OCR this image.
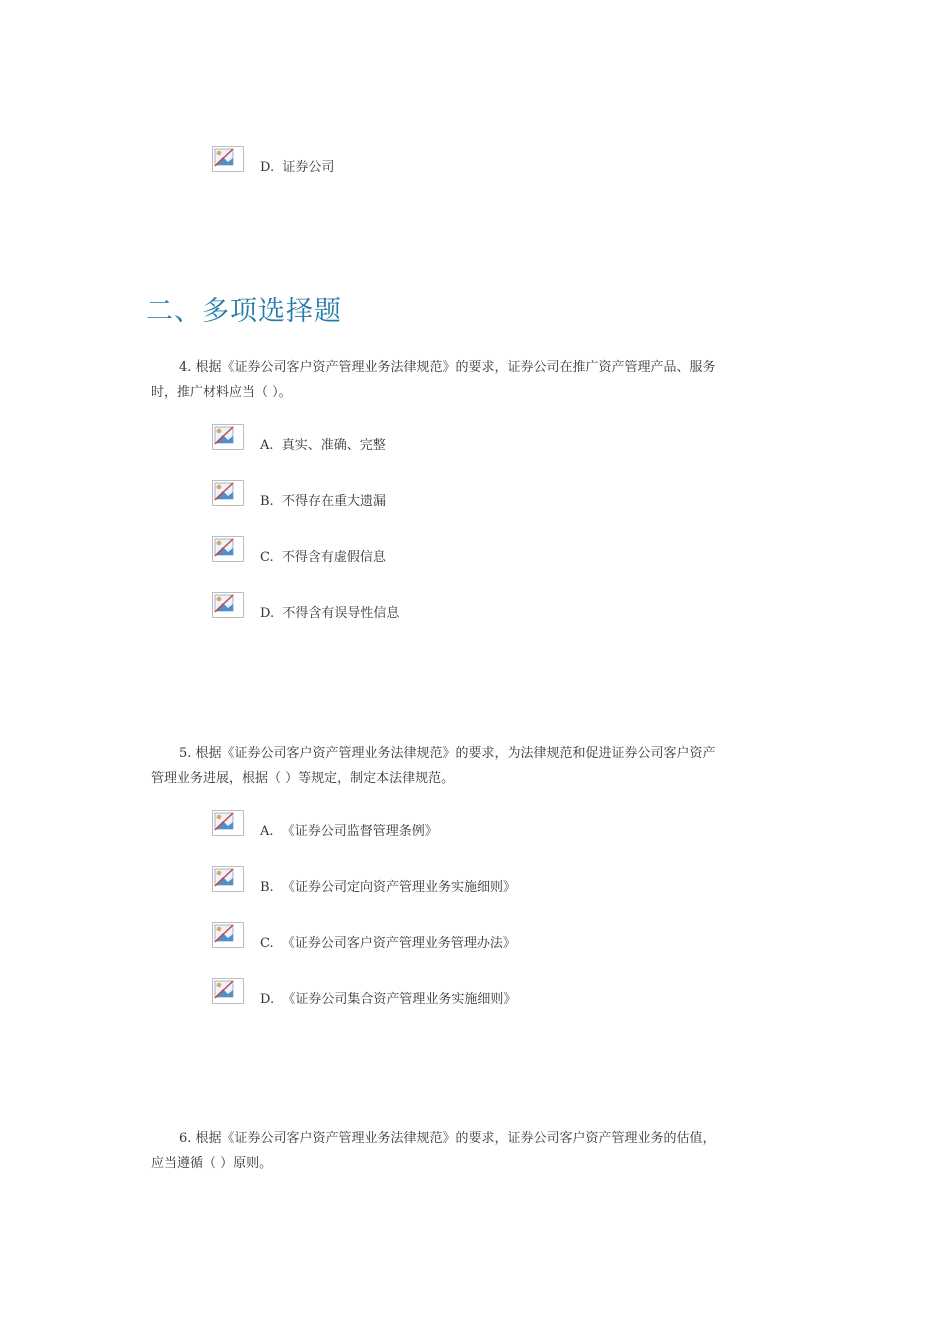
D. 证券公司
二、多项选择题
4. 根据《证券公司客户资产管理业务法律规范》的要求，证券公司在推广资产管理产品、服务
时，推广材料应当（ ）。
A. 真实、准确、完整
B. 不得存在重大遗漏
C. 不得含有虚假信息
D. 不得含有误导性信息
5. 根据《证券公司客户资产管理业务法律规范》的要求，为法律规范和促进证券公司客户资产
管理业务进展，根据（ ）等规定，制定本法律规范。
A. 《证券公司监督管理条例》
B. 《证券公司定向资产管理业务实施细则》
C. 《证券公司客户资产管理业务管理办法》
D. 《证券公司集合资产管理业务实施细则》
6. 根据《证券公司客户资产管理业务法律规范》的要求，证券公司客户资产管理业务的估值，
应当遵循（ ）原则。
